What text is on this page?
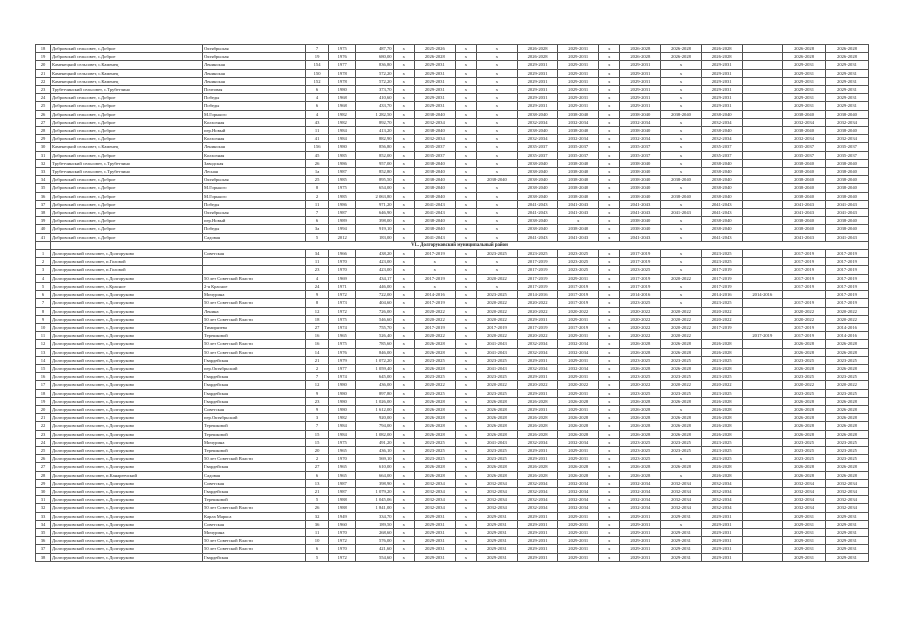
18	Добровский сельсовет, с.Доброе	Октябрьская	7	1975	487,70	x	2025-2026	x	x	2026-2028	2029-2031	x	2026-2028	2026-2028	2026-2028		2026-2028	2026-2028
19	Добровский сельсовет, с.Доброе	Октябрьская	19	1976	680,00	x	2026-2028	x	x	2026-2028	2029-2031	x	2026-2028	2026-2028	2026-2028		2026-2028	2026-2028
20	Каменецкий сельсовет, с.Каменец	Ленинская	154	1977	836,80	x	2029-2031	x	x	2029-2031	2029-2031	x	2029-2031	x	2029-2031		2029-2031	2029-2031
21	Каменецкий сельсовет, с.Каменец	Ленинская	150	1978	572,20	x	2029-2031	x	x	2029-2031	2029-2031	x	2029-2031	x	2029-2031		2029-2031	2029-2031
22	Каменецкий сельсовет, с.Каменец	Ленинская	152	1978	572,20	x	2029-2031	x	x	2029-2031	2029-2031	x	2029-2031	x	2029-2031		2029-2031	2029-2031
23	Трубетчинский сельсовет, с.Трубетчино	Почтовая	6	1980	373,70	x	2029-2031	x	x	2029-2031	2029-2031	x	2029-2031	x	2029-2031		2029-2031	2029-2031
24	Добровский сельсовет, с.Доброе	Победы	4	1968	410,60	x	2029-2031	x	x	2029-2031	2029-2031	x	2029-2031	x	2029-2031		2029-2031	2029-2031
25	Добровский сельсовет, с.Доброе	Победы	6	1968	433,70	x	2029-2031	x	x	2029-2031	2029-2031	x	2029-2031	x	2029-2031		2029-2031	2029-2031
26	Добровский сельсовет, с.Доброе	М.Горького	4	1982	1 282,50	x	2038-2040	x	x	2038-2040	2038-2040	x	2038-2040	2038-2040	2038-2040		2038-2040	2038-2040
27	Добровский сельсовет, с.Доброе	Колхозная	43	1982	892,70	x	2032-2034	x	x	2032-2034	2032-2034	x	2032-2034	x	2032-2034		2032-2034	2032-2034
28	Добровский сельсовет, с.Доброе	пер.Новый	11	1984	413,20	x	2038-2040	x	x	2038-2040	2038-2040	x	2038-2040	x	2038-2040		2038-2040	2038-2040
29	Добровский сельсовет, с.Доброе	Колхозная	41	1984	882,90	x	2032-2034	x	x	2032-2034	2032-2034	x	2032-2034	x	2032-2034		2032-2034	2032-2034
30	Каменецкий сельсовет, с.Каменец	Ленинская	156	1980	856,80	x	2035-2037	x	x	2035-2037	2035-2037	x	2035-2037	x	2035-2037		2035-2037	2035-2037
31	Добровский сельсовет, с.Доброе	Колхозная	45	1985	852,00	x	2035-2037	x	x	2035-2037	2035-2037	x	2035-2037	x	2035-2037		2035-2037	2035-2037
32	Трубетчинский сельсовет, с.Трубетчино	Заводская	26	1986	957,00	x	2038-2040	x	x	2038-2040	2038-2040	x	2038-2040	x	2038-2040		2038-2040	2038-2040
33	Трубетчинский сельсовет, с.Трубетчино	Лесная	1а	1987	852,80	x	2038-2040	x	x	2038-2040	2038-2040	x	2038-2040	x	2038-2040		2038-2040	2038-2040
34	Добровский сельсовет, с.Доброе	Октябрьская	25	1985	895,50	x	2038-2040	x	2038-2040	2038-2040	2038-2040	x	2038-2040	2038-2040	2038-2040		2038-2040	2038-2040
35	Добровский сельсовет, с.Доброе	М.Горького	8	1975	654,00	x	2038-2040	x	x	2038-2040	2038-2040	x	2038-2040	x	2038-2040		2038-2040	2038-2040
36	Добровский сельсовет, с.Доброе	М.Горького	2	1985	2 063,80	x	2038-2040	x	x	2038-2040	2038-2040	x	2038-2040	2038-2040	2038-2040		2038-2040	2038-2040
37	Добровский сельсовет, с.Доброе	Победы	11	1986	971,20	x	2041-2043	x	x	2041-2043	2041-2043	x	2041-2043	x	2041-2043		2041-2043	2041-2043
38	Добровский сельсовет, с.Доброе	Октябрьская	7	1987	646,90	x	2041-2043	x	x	2041-2043	2041-2043	x	2041-2043	2041-2043	2041-2043		2041-2043	2041-2043
39	Добровский сельсовет, с.Доброе	пер.Новый	6	1989	398,00	x	2038-2040	x	x	2038-2040	x	x	2038-2040	x	2038-2040		2038-2040	2038-2040
40	Добровский сельсовет, с.Доброе	Победы	3а	1994	919,10	x	2038-2040	x	x	2038-2040	2038-2040	x	2038-2040	x	2038-2040		2038-2040	2038-2040
41	Добровский сельсовет, с.Доброе	Садовая	5	2012	183,00	x	2041-2043	x	x	2041-2043	2041-2043	x	2041-2043	x	2041-2043		2041-2043	2041-2043
	VL. Долгоруковский муниципальный район																	
1	Долгоруковский сельсовет, с.Долгоруково	Советская	34	1966	438,20	x	2017-2019	x	2023-2025	2023-2025	2023-2025	x	2017-2019	x	2023-2025		2017-2019	2017-2019
2	Долгоруковский сельсовет, п.Головой		11	1970	423,00	x	x	x	x	2017-2019	2023-2025	x	2017-2019	x	2023-2025		2017-2019	2017-2019
3	Долгоруковский сельсовет, п.Головой		23	1970	423,00	x	x	x	x	2017-2019	2023-2025	x	2023-2025	x	2017-2019		2017-2019	2017-2019
4	Долгоруковский сельсовет, с.Долгоруково	50 лет Советской Власти	4	1969	434,17	x	2017-2019	x	2020-2022	2017-2019	2029-2031	x	2017-2019	2020-2022	2017-2019		2017-2019	2017-2019
5	Долгоруковский сельсовет, с.Красное	2-я Красное	24	1971	446,00	x	x	x	x	2017-2019	2017-2019	x	2017-2019	x	2017-2019		2017-2019	2017-2019
6	Долгоруковский сельсовет, с.Долгоруково	Мичурина	9	1972	722,00	x	2014-2016	x	2023-2025	2014-2016	2017-2019	x	2014-2016	x	2014-2016	2014-2016		2017-2019
7	Долгоруковский сельсовет, с.Долгоруково	50 лет Советской Власти	8	1973	404,60	x	2017-2019	x	2020-2022	2020-2022	2017-2019	x	2023-2025	x	2023-2025		2017-2019	2017-2019
8	Долгоруковский сельсовет, с.Долгоруково	Ленина	12	1972	726,00	x	2020-2022	x	2020-2022	2020-2022	2020-2022	x	2020-2022	2020-2022	2020-2022		2020-2022	2020-2022
9	Долгоруковский сельсовет, с.Долгоруково	50 лет Советской Власти	18	1975	546,60	x	2020-2022	x	2020-2022	2029-2031	2029-2031	x	2020-2022	2020-2022	2020-2022		2020-2022	2020-2022
10	Долгоруковский сельсовет, с.Долгоруково	Тимирязева	27	1974	755,70	x	2017-2019	x	2017-2019	2017-2019	2017-2019	x	2020-2022	2020-2022	2017-2019		2017-2019	2014-2016
11	Долгоруковский сельсовет, с.Долгоруково	Терешковой	16	1965	526,40	x	2020-2022	x	2020-2022	2020-2022	2029-2031	x	2020-2022	2020-2022		2017-2019	2017-2019	2014-2016
12	Долгоруковский сельсовет, с.Долгоруково	50 лет Советской Власти	16	1975	785,60	x	2026-2028	x	2041-2043	2032-2034	2032-2034	x	2026-2028	2026-2028	2026-2028		2026-2028	2026-2028
13	Долгоруковский сельсовет, с.Долгоруково	50 лет Советской Власти	14	1976	846,00	x	2026-2028	x	2041-2043	2032-2034	2032-2034	x	2026-2028	2026-2028	2026-2028		2026-2028	2026-2028
14	Долгоруковский сельсовет, с.Долгоруково	Гвардейская	21	1979	1 072,20	x	2023-2025	x	2023-2025	2029-2031	2029-2031	x	2023-2025	2023-2025	2023-2025		2023-2025	2023-2025
15	Долгоруковский сельсовет, с.Долгоруково	пер.Октябрьский	2	1977	1 059,40	x	2026-2028	x	2041-2043	2032-2034	2032-2034	x	2026-2028	2026-2028	2026-2028		2026-2028	2026-2028
16	Долгоруковский сельсовет, с.Долгоруково	Гвардейская	7	1974	645,00	x	2023-2025	x	2023-2025	2029-2031	2029-2031	x	2023-2025	2023-2025	2023-2025		2023-2025	2023-2025
17	Долгоруковский сельсовет, с.Долгоруково	Гвардейская	12	1980	436,00	x	2020-2022	x	2020-2022	2020-2022	2020-2022	x	2020-2022	2020-2022	2020-2022		2020-2022	2020-2022
18	Долгоруковский сельсовет, с.Долгоруково	Гвардейская	9	1980	897,80	x	2023-2025	x	2023-2025	2029-2031	2029-2031	x	2023-2025	2023-2025	2023-2025		2023-2025	2023-2025
19	Долгоруковский сельсовет, с.Долгоруково	Гвардейская	23	1980	1 026,00	x	2026-2028	x	2026-2028	2026-2028	2026-2028	x	2026-2028	2026-2028	2026-2028		2026-2028	2026-2028
20	Долгоруковский сельсовет, с.Долгоруково	Советская	9	1980	1 612,00	x	2026-2028	x	2026-2028	2029-2031	2029-2031	x	2026-2028	x	2026-2028		2026-2028	2026-2028
21	Долгоруковский сельсовет, с.Долгоруково	пер.Октябрьский	3	1982	920,00	x	2026-2028	x	2026-2028	2026-2028	2026-2028	x	2026-2028	2026-2028	2026-2028		2026-2028	2026-2028
22	Долгоруковский сельсовет, с.Долгоруково	Терешковой	7	1984	794,00	x	2026-2028	x	2026-2028	2026-2028	2026-2028	x	2026-2028	2026-2028	2026-2028		2026-2028	2026-2028
23	Долгоруковский сельсовет, с.Долгоруково	Терешковой	15	1984	1 082,00	x	2026-2028	x	2026-2028	2026-2028	2026-2028	x	2026-2028	2026-2028	2026-2028		2026-2028	2026-2028
24	Долгоруковский сельсовет, с.Долгоруково	Мичурина	15	1975	491,20	x	2023-2025	x	2041-2043	2032-2034	2032-2034	x	2023-2025	2023-2025	2023-2025		2023-2025	2023-2025
25	Долгоруковский сельсовет, с.Долгоруково	Терешковой	20	1965	436,10	x	2023-2025	x	2023-2025	2029-2031	2029-2031	x	2023-2025	2023-2025	2023-2025		2023-2025	2023-2025
26	Долгоруковский сельсовет, с.Долгоруково	50 лет Советской Власти	2	1970	569,10	x	2023-2025	x	2023-2025	2029-2031	2029-2031	x	2023-2025	x	2023-2025		2023-2025	2023-2025
27	Долгоруковский сельсовет, с.Долгоруково	Гвардейская	27	1965	610,00	x	2026-2028	x	2026-2028	2026-2028	2026-2028	x	2026-2028	2026-2028	2026-2028		2026-2028	2026-2028
28	Долгоруковский сельсовет, п.Канареечский	Садовая	6	1965	664,00	x	2026-2028	x	2026-2028	2026-2028	2026-2028	x	2026-2028	x	2026-2028		2026-2028	2026-2028
29	Долгоруковский сельсовет, с.Долгоруково	Советская	13	1987	398,90	x	2032-2034	x	2032-2034	2032-2034	2032-2034	x	2032-2034	2032-2034	2032-2034		2032-2034	2032-2034
30	Долгоруковский сельсовет, с.Долгоруково	Гвардейская	21	1987	1 079,20	x	2032-2034	x	2032-2034	2032-2034	2032-2034	x	2032-2034	2032-2034	2032-2034		2032-2034	2032-2034
31	Долгоруковский сельсовет, с.Долгоруково	Терешковой	5	1988	1 045,06	x	2032-2034	x	2032-2034	2032-2034	2032-2034	x	2032-2034	2032-2034	2032-2034		2032-2034	2032-2034
32	Долгоруковский сельсовет, с.Долгоруково	50 лет Советской Власти	26	1988	1 841,00	x	2032-2034	x	2032-2034	2032-2034	2032-2034	x	2032-2034	2032-2034	2032-2034		2032-2034	2032-2034
33	Долгоруковский сельсовет, с.Долгоруково	Карла Маркса	32	1949	334,70	x	2029-2031	x	2029-2031	2029-2031	2029-2031	x	2029-2031	2029-2031	2029-2031		2029-2031	2029-2031
34	Долгоруковский сельсовет, с.Долгоруково	Советская	36	1960	189,50	x	2029-2031	x	2029-2031	2029-2031	2029-2031	x	2029-2031	x	2029-2031		2029-2031	2029-2031
35	Долгоруковский сельсовет, с.Долгоруково	Мичурина	11	1970	268,60	x	2029-2031	x	2029-2031	2029-2031	2029-2031	x	2029-2031	2029-2031	2029-2031		2029-2031	2029-2031
36	Долгоруковский сельсовет, с.Долгоруково	50 лет Советской Власти	10	1972	576,00	x	2029-2031	x	2029-2031	2029-2031	2029-2031	x	2029-2031	2029-2031	2029-2031		2029-2031	2029-2031
37	Долгоруковский сельсовет, с.Долгоруково	50 лет Советской Власти	6	1970	421,60	x	2029-2031	x	2029-2031	2029-2031	2029-2031	x	2029-2031	2029-2031	2029-2031		2029-2031	2029-2031
38	Долгоруковский сельсовет, с.Долгоруково	Гвардейская	5	1972	554,60	x	2029-2031	x	2029-2031	2029-2031	2029-2031	x	2029-2031	2029-2031	2029-2031		2029-2031	2029-2031
